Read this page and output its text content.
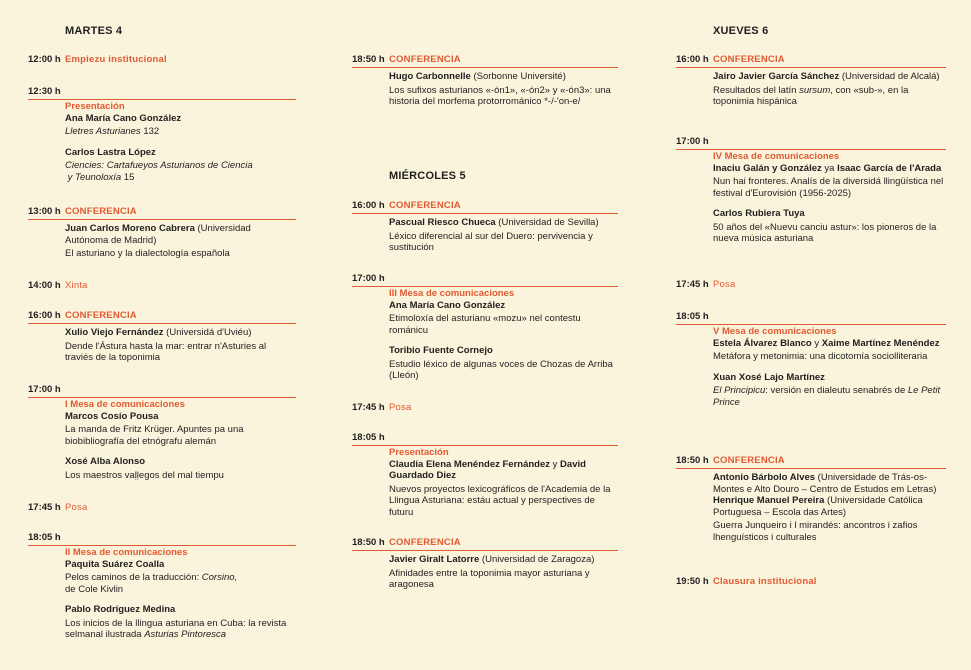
MARTES 4
12:00 h Empiezu institucional
12:30 h
Presentación
Ana María Cano González
Lletres Asturianes 132
Carlos Lastra López
Ciencies: Cartafueyos Asturianos de Ciencia
y Teunoloxía 15
13:00 h CONFERENCIA
Juan Carlos Moreno Cabrera (Universidad Autónoma de Madrid)
El asturiano y la dialectología española
14:00 h Xinta
16:00 h CONFERENCIA
Xulio Viejo Fernández (Universidá d'Uviéu)
Dende l'Ástura hasta la mar: entrar n'Asturies al traviés de la toponimia
17:00 h
I Mesa de comunicaciones
Marcos Cosío Pousa
La manda de Fritz Krüger. Apuntes pa una biobibliografía del etnógrafu alemán
Xosé Alba Alonso
Los maestros vaḷḷegos del mal tiempu
17:45 h Posa
18:05 h
II Mesa de comunicaciones
Paquita Suárez Coalla
Pelos caminos de la traducción: Corsino,
de Cole Kivlin
Pablo Rodríguez Medina
Los inicios de la llingua asturiana en Cuba: la revista selmanal ilustrada Asturias Pintoresca
18:50 h CONFERENCIA
Hugo Carbonnelle (Sorbonne Université)
Los sufixos asturianos «-ón1», «-ón2» y «-ón3»: una historia del morfema protorrománico *-/-'on-e/
MIÉRCOLES 5
16:00 h CONFERENCIA
Pascual Riesco Chueca (Universidad de Sevilla)
Léxico diferencial al sur del Duero: pervivencia y sustitución
17:00 h
III Mesa de comunicaciones
Ana María Cano González
Etimoloxía del asturianu «mozu» nel contestu románicu
Toribio Fuente Cornejo
Estudio léxico de algunas voces de Chozas de Arriba (Lleón)
17:45 h Posa
18:05 h
Presentación
Claudia Elena Menéndez Fernández y David Guardado Diez
Nuevos proyectos lexicográficos de l'Academia de la Llingua Asturiana: estáu actual y perspectives de futuru
18:50 h CONFERENCIA
Javier Giralt Latorre (Universidad de Zaragoza)
Afinidades entre la toponimia mayor asturiana y aragonesa
XUEVES 6
16:00 h CONFERENCIA
Jairo Javier García Sánchez (Universidad de Alcalá)
Resultados del latín sursum, con «sub-», en la toponimia hispánica
17:00 h
IV Mesa de comunicaciones
Inaciu Galán y González ya Isaac García de l'Arada
Nun hai fronteres. Analís de la diversidá llingüística nel festival d'Eurovisión (1956-2025)
Carlos Rubiera Tuya
50 años del «Nuevu canciu astur»: los pioneros de la nueva música asturiana
17:45 h Posa
18:05 h
V Mesa de comunicaciones
Estela Álvarez Blanco y Xaime Martínez Menéndez
Metáfora y metonimia: una dicotomía sociolliteraria
Xuan Xosé Lajo Martínez
El Principicu: versión en dialeutu senabrés de Le Petit Prince
18:50 h CONFERENCIA
Antonio Bárbolo Alves (Universidade de Trás-os-Montes e Alto Douro – Centro de Estudos em Letras)
Henrique Manuel Pereira (Universidade Católica Portuguesa – Escola das Artes)
Guerra Junqueiro i l mirandés: ancontros i zafios lhenguísticos i culturales
19:50 h Clausura institucional
